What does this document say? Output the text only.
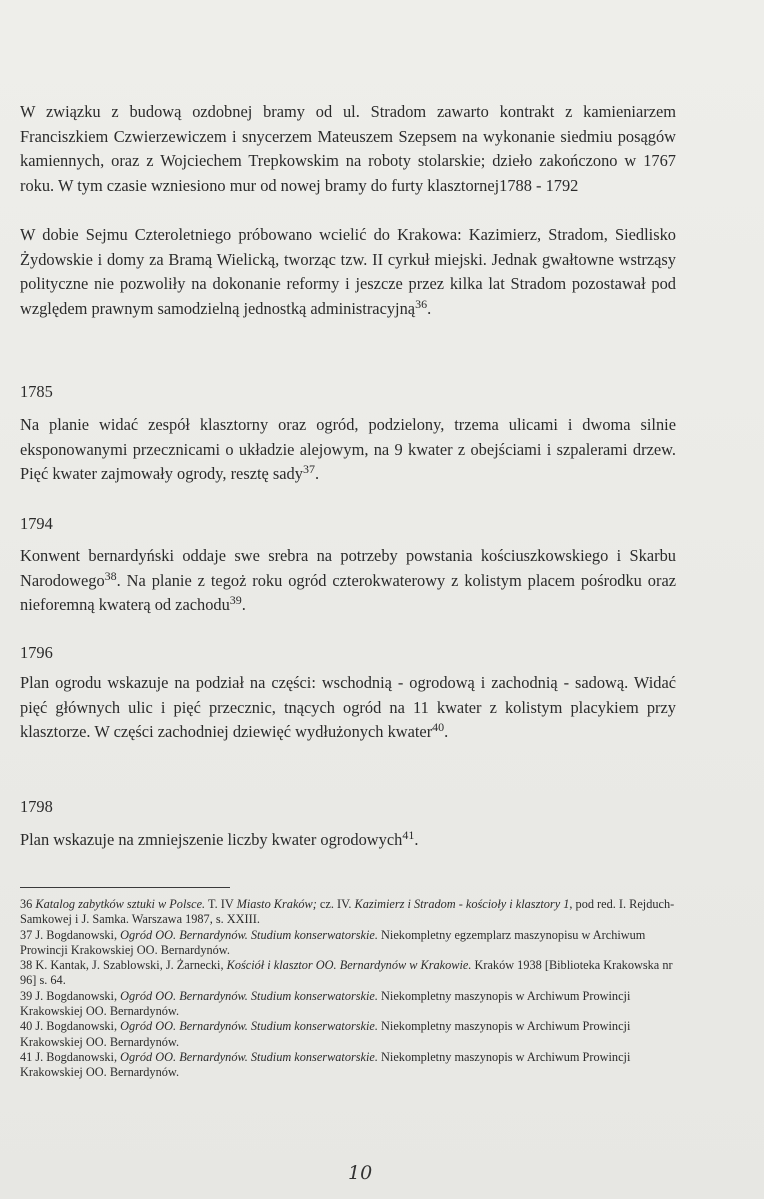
W związku z budową ozdobnej bramy od ul. Stradom zawarto kontrakt z kamieniarzem Franciszkiem Czwierzewiczem i snycerzem Mateuszem Szepsem na wykonanie siedmiu posągów kamiennych, oraz z Wojciechem Trepkowskim na roboty stolarskie; dzieło zakończono w 1767 roku. W tym czasie wzniesiono mur od nowej bramy do furty klasztornej1788 - 1792

W dobie Sejmu Czteroletniego próbowano wcielić do Krakowa: Kazimierz, Stradom, Siedlisko Żydowskie i domy za Bramą Wielicką, tworząc tzw. II cyrkuł miejski. Jednak gwałtowne wstrząsy polityczne nie pozwoliły na dokonanie reformy i jeszcze przez kilka lat Stradom pozostawał pod względem prawnym samodzielną jednostką administracyjną$^{36}$.

1785

Na planie widać zespół klasztorny oraz ogród, podzielony, trzema ulicami i dwoma silnie eksponowanymi przecznicami o układzie alejowym, na 9 kwater z obejściami i szpalerami drzew. Pięć kwater zajmowały ogrody, resztę sady$^{37}$.

1794

Konwent bernardyński oddaje swe srebra na potrzeby powstania kościuszkowskiego i Skarbu Narodowego$^{38}$. Na planie z tegoż roku ogród czterokwaterowy z kolistym placem pośrodku oraz nieforemną kwaterą od zachodu$^{39}$.

1796

Plan ogrodu wskazuje na podział na części: wschodnią - ogrodową i zachodnią - sadową. Widać pięć głównych ulic i pięć przecznic, tnących ogród na 11 kwater z kolistym placykiem przy klasztorze. W części zachodniej dziewięć wydłużonych kwater$^{40}$.

1798

Plan wskazuje na zmniejszenie liczby kwater ogrodowych$^{41}$.

36 Katalog zabytków sztuki w Polsce. T. IV Miasto Kraków; cz. IV. Kazimierz i Stradom - kościoły i klasztory 1, pod red. I. Rejduch-Samkowej i J. Samka. Warszawa 1987, s. XXIII.

37 J. Bogdanowski, Ogród OO. Bernardynów. Studium konserwatorskie. Niekompletny egzemplarz maszynopisu w Archiwum Prowincji Krakowskiej OO. Bernardynów.

38 K. Kantak, J. Szablowski, J. Żarnecki, Kościół i klasztor OO. Bernardynów w Krakowie. Kraków 1938 [Biblioteka Krakowska nr 96] s. 64.

39 J. Bogdanowski, Ogród OO. Bernardynów. Studium konserwatorskie. Niekompletny maszynopis w Archiwum Prowincji Krakowskiej OO. Bernardynów.

40 J. Bogdanowski, Ogród OO. Bernardynów. Studium konserwatorskie. Niekompletny maszynopis w Archiwum Prowincji Krakowskiej OO. Bernardynów.

41 J. Bogdanowski, Ogród OO. Bernardynów. Studium konserwatorskie. Niekompletny maszynopis w Archiwum Prowincji Krakowskiej OO. Bernardynów.

10
